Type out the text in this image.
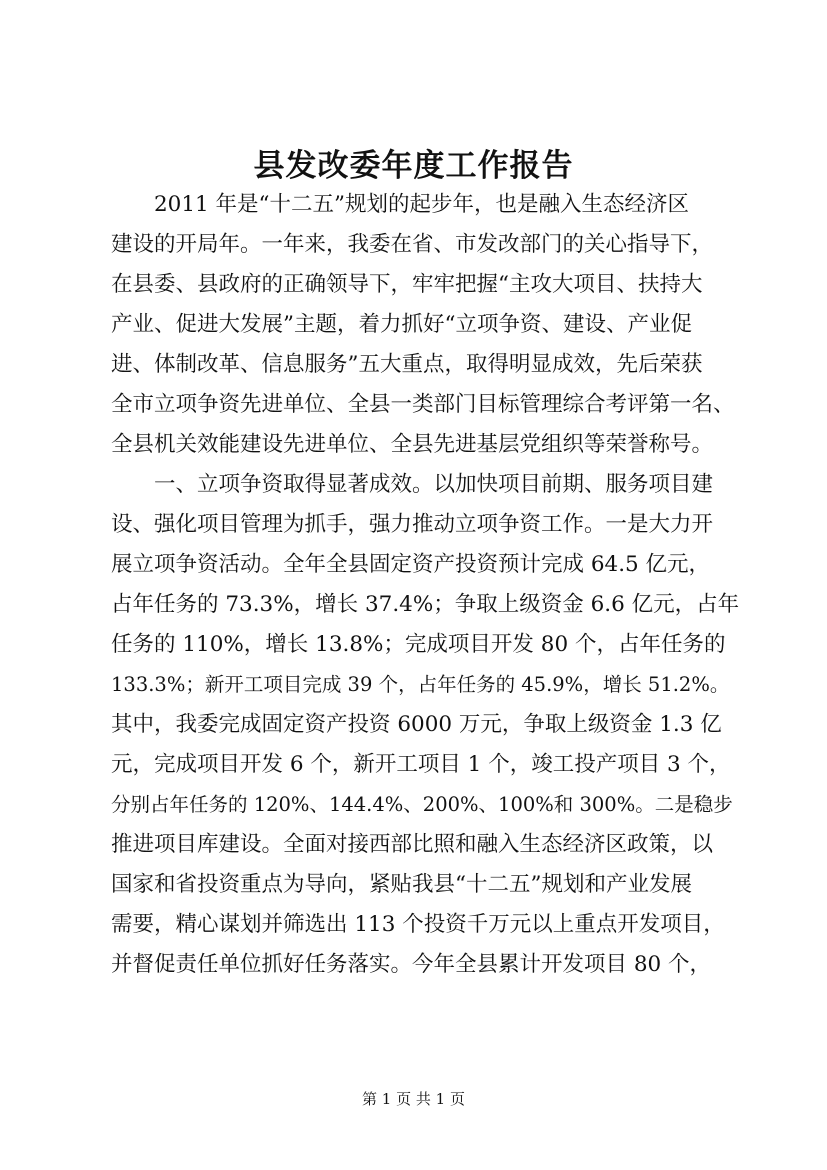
县发改委年度工作报告
2011 年是“十二五”规划的起步年，也是融入生态经济区
建设的开局年。一年来，我委在省、市发改部门的关心指导下，
在县委、县政府的正确领导下，牢牢把握“主攻大项目、扶持大
产业、促进大发展”主题，着力抓好“立项争资、建设、产业促
进、体制改革、信息服务”五大重点，取得明显成效，先后荣获
全市立项争资先进单位、全县一类部门目标管理综合考评第一名、
全县机关效能建设先进单位、全县先进基层党组织等荣誉称号。
一、立项争资取得显著成效。以加快项目前期、服务项目建
设、强化项目管理为抓手，强力推动立项争资工作。一是大力开
展立项争资活动。全年全县固定资产投资预计完成 64.5 亿元，
占年任务的 73.3%，增长 37.4%；争取上级资金 6.6 亿元，占年
任务的 110%，增长 13.8%；完成项目开发 80 个，占年任务的
133.3%；新开工项目完成 39 个，占年任务的 45.9%，增长 51.2%。
其中，我委完成固定资产投资 6000 万元，争取上级资金 1.3 亿
元，完成项目开发 6 个，新开工项目 1 个，竣工投产项目 3 个，
分别占年任务的 120%、144.4%、200%、100%和 300%。二是稳步
推进项目库建设。全面对接西部比照和融入生态经济区政策，以
国家和省投资重点为导向，紧贴我县“十二五”规划和产业发展
需要，精心谋划并筛选出 113 个投资千万元以上重点开发项目，
并督促责任单位抓好任务落实。今年全县累计开发项目 80 个，
第 1 页 共 1 页
